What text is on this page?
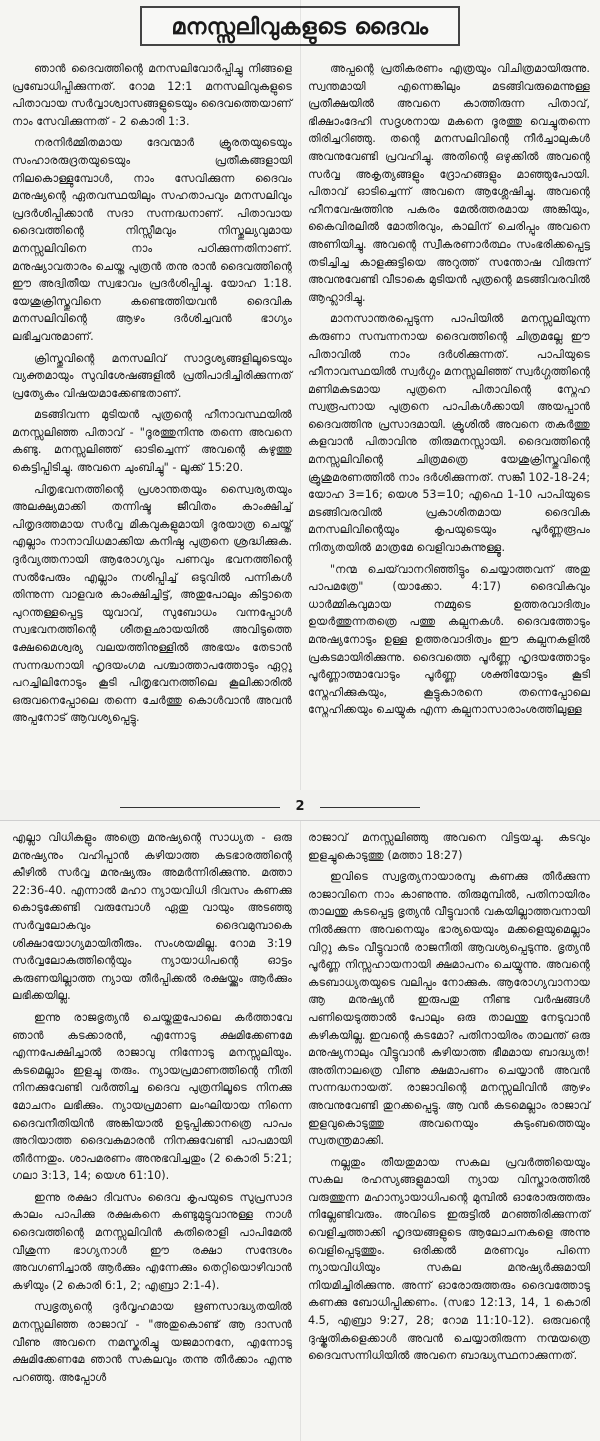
മനസ്സലിവുകളുടെ ദൈവം

ഞാൻ ദൈവത്തിന്റെ മനസലിവോർപ്പിച്ചു നിങ്ങളെ പ്രബോധിപ്പിക്കുന്നത്. റോമ 12:1 മനസലിവുകളുടെ പിതാവായ സർവ്വാശ്വാസങ്ങളുടെയും ദൈവത്തെയാണ് നാം സേവിക്കുന്നത് - 2 കൊരി 1:3.

നരനിർമ്മിതമായ ദേവന്മാർ ക്രൂരതയുടെയും സംഹാരരുദ്രതയുടെയും പ്രതീകങ്ങളായി നിലകൊള്ളുമ്പോൾ, നാം സേവിക്കുന്ന ദൈവം മനുഷ്യന്റെ ഏതവസ്ഥയിലും സഹതാപവും മനസലിവും പ്രദർശിപ്പിക്കാൻ സദാ സന്നദ്ധനാണ്. പിതാവായ ദൈവത്തിന്റെ നിസ്സീമവും നിസ്തുല്യവുമായ മനസ്സലിവിനെ നാം പഠിക്കുന്നതിനാണ്. മനുഷ്യാവതാരം ചെയ്ത പുത്രൻ തനു രാൻ ദൈവത്തിന്റെ ഈ അദ്വിതീയ സ്വഭാവം പ്രദർശിപ്പിച്ചു. യോഹ 1:18. യേശുക്രിസ്തുവിനെ കണ്ടെത്തിയവൻ ദൈവിക മനസലിവിന്റെ ആഴം ദർശിച്ചവൻ ഭാഗ്യം ലഭിച്ചവനുമാണ്.

ക്രിസ്തുവിന്റെ മനസലിവ് സാദൃശ്യങ്ങളിലൂടെയും വ്യക്തമായും സുവിശേഷങ്ങളിൽ പ്രതിപാദിച്ചിരിക്കുന്നത് പ്രത്യേകം വിഷയമാക്കേണ്ടതാണ്.

മടങ്ങിവന്ന മുടിയൻ പുത്രന്റെ ഹീനാവസ്ഥയിൽ മനസ്സലിഞ്ഞ പിതാവ് - "ദൂരത്തുനിന്നു തന്നെ അവനെ കണ്ടു. മനസ്സലിഞ്ഞ് ഓടിച്ചെന്ന് അവന്റെ കഴുത്തു കെട്ടിപ്പിടിച്ചു. അവനെ ചുംബിച്ചു" - ലൂക്ക് 15:20.

പിതൃഭവനത്തിന്റെ പ്രശാന്തതയും സ്വൈര്യതയും അലക്ഷ്യമാക്കി തന്നിഷ്ട ജീവിതം കാംക്ഷിച്ച് പിതൃദത്തമായ സർവ്വ മികവുകളുമായി ദൂരയാത്ര ചെയ്ത് എല്ലാം നാനാവിധമാക്കിയ കനിഷ്ഠ പുത്രനെ ശ്രദ്ധിക്കുക. ദുർവ്യത്തനായി ആരോഗ്യവും പണവും ഭവനത്തിന്റെ സൽപേരും എല്ലാം നശിപ്പിച്ച് ഒടുവിൽ പന്നികൾ തിന്നുന്ന വാളവര കാംക്ഷിച്ചിട്ട്, അതുപോലും കിട്ടാതെ പുറന്തള്ളപ്പെട്ട യുവാവ്, സുബോധം വന്നപ്പോൾ സ്വഭവനത്തിന്റെ ശീതളഛായയിൽ അവിടുത്തെ ക്ഷേമൈശ്വര്യ വലയത്തിനുള്ളിൽ അഭയം തേടാൻ സന്നദ്ധനായി ഹൃദയംഗമ പശ്ചാത്താപത്തോടും ഏറ്റു പറച്ചിലിനോടും കൂടി പിതൃഭവനത്തിലെ കൂലിക്കാരിൽ ഒരുവനെപ്പോലെ തന്നെ ചേർത്തു കൊൾവാൻ അവൻ അപ്പനോട് ആവശ്യപ്പെട്ടു.

അപ്പന്റെ പ്രതികരണം എത്രയും വിചിത്രമായിരുന്നു. സ്വന്തമായി എന്നെങ്കിലും മടങ്ങിവരുമെന്നുള്ള പ്രതീക്ഷയിൽ അവനെ കാത്തിരുന്ന പിതാവ്, ഭിക്ഷാംദേഹി സദൃശനായ മകനെ ദൂരത്തു വെച്ചുതന്നെ തിരിച്ചറിഞ്ഞു. തന്റെ മനസലിവിന്റെ നീർച്ചാലുകൾ അവനുവേണ്ടി പ്രവഹിച്ചു. അതിന്റെ ഒഴുക്കിൽ അവന്റെ സർവ്വ അകൃത്യങ്ങളും ദ്രോഹങ്ങളും മാഞ്ഞുപോയി. പിതാവ് ഓടിച്ചെന്ന് അവനെ ആശ്ലേഷിച്ചു. അവന്റെ ഹീനവേഷത്തിനു പകരം മേൽത്തരമായ അങ്കിയും, കൈവിരലിൽ മോതിരവും, കാലിന് ചെരിപ്പും അവനെ അണിയിച്ചു. അവന്റെ സ്വീകരണാർത്ഥം സംഭരിക്കപ്പെട്ട തടിച്ചിച്ച കാളക്കുട്ടിയെ അറുത്ത് സന്തോഷ വിരുന്ന് അവനുവേണ്ടി വീടാകെ മുടിയൻ പുത്രന്റെ മടങ്ങിവരവിൽ ആഹ്ലാദിച്ചു.

മാനസാന്തരപ്പെടുന്ന പാപിയിൽ മനസ്സലിയുന്ന കരുണാ സമ്പന്നനായ ദൈവത്തിന്റെ ചിത്രമല്ലേ ഈ പിതാവിൽ നാം ദർശിക്കുന്നത്. പാപിയുടെ ഹീനാവസ്ഥയിൽ സ്വർഗ്ഗം മനസ്സലിഞ്ഞ് സ്വർഗ്ഗത്തിന്റെ മണിമകുടമായ പുത്രനെ പിതാവിന്റെ സ്നേഹ സ്വരൂപനായ പുത്രനെ പാപികൾക്കായി അയപ്പാൻ ദൈവത്തിനു പ്രസാദമായി. ക്രൂശിൽ അവനെ തകർത്തു കളവാൻ പിതാവിനു തിരുമനസ്സായി. ദൈവത്തിന്റെ മനസ്സലിവിന്റെ ചിത്രമത്രെ യേശുക്രിസ്തുവിന്റെ ക്രൂശുമരണത്തിൽ നാം ദർശിക്കുന്നത്. സങ്കീ 102-18-24; യോഹ 3=16; യെശ 53=10; എഫെ 1-10 പാപിയുടെ മടങ്ങിവരവിൽ പ്രകാശിതമായ ദൈവിക മനസലിവിന്റെയും കൃപയുടെയും പൂർണ്ണരൂപം നിത്യതയിൽ മാത്രമേ വെളിവാകുന്നുള്ളൂ.

"നന്മ ചെയ്‌വാനറിഞ്ഞിട്ടും ചെയ്യാത്തവന് അതു പാപമത്രേ" (യാക്കോ. 4:17) ദൈവികവും ധാർമ്മികവുമായ നമ്മുടെ ഉത്തരവാദിത്വം ഉയർത്തുന്നതത്രെ പത്തു കല്പനകൾ. ദൈവത്തോടും മനുഷ്യനോടും ഉള്ള ഉത്തരവാദിത്വം ഈ കല്പനകളിൽ പ്രകടമായിരിക്കുന്നു. ദൈവത്തെ പൂർണ്ണ ഹൃദയത്തോടും പൂർണ്ണാത്മാവോടും പൂർണ്ണ ശക്തിയോടും കൂടി സ്നേഹിക്കുകയും, കൂട്ടുകാരനെ തന്നെപ്പോലെ സ്നേഹിക്കയും ചെയ്യുക എന്ന കല്പനാസാരാംശത്തിലുള്ള

2

എല്ലാ വിധികളും അത്രെ മനുഷ്യന്റെ സാധ്യത - ഒരു മനുഷ്യനും വഹിപ്പാൻ കഴിയാത്ത കടഭാരത്തിന്റെ കീഴിൽ സർവ്വ മനുഷ്യരും അമർന്നിരിക്കുന്നു. മത്താ 22:36-40. എന്നാൽ മഹാ ന്യായവിധി ദിവസം കണക്കു കൊടുക്കേണ്ടി വരുമ്പോൾ ഏതു വായും അടഞ്ഞു സർവ്വലോകവും ദൈവമുമ്പാകെ ശിക്ഷായോഗ്യമായിതീരും. സംശയമില്ല. റോമ 3:19 സർവ്വലോകത്തിന്റെയും ന്യായാധിപന്റെ ഓട്ടം കരുണയില്ലാത്ത ന്യായ തീർപ്പിക്കൽ രക്ഷയ്ക്കും ആർക്കും ലഭിക്കയില്ല.

ഇന്നു രാജഭൃത്യൻ ചെയ്തതുപോലെ കർത്താവേ ഞാൻ കടക്കാരൻ, എന്നോടു ക്ഷമിക്കേണമേ എന്നപേക്ഷിച്ചാൽ രാജാവു നിന്നോടു മനസ്സലിയും. കടമെല്ലാം ഇളച്ചു തരും. ന്യായപ്രമാണത്തിന്റെ നീതി നിനക്കുവേണ്ടി വർത്തിച്ച ദൈവ പുത്രനിലൂടെ നിനക്കു മോചനം ലഭിക്കും. ന്യായപ്രമാണ ലംഘിയായ നിന്നെ ദൈവനീതിയിൻ അങ്കിയാൽ ഉടുപ്പിക്കാനത്രെ പാപം അറിയാത്ത ദൈവകുമാരൻ നിനക്കുവേണ്ടി പാപമായി തീർന്നതും. ശാപമരണം അനുഭവിച്ചതും (2 കൊരി 5:21; ഗലാ 3:13, 14; യെശ 61:10).

ഇന്നു രക്ഷാ ദിവസം ദൈവ കൃപയുടെ സുപ്രസാദ കാലം പാപിക്കു രക്ഷകനെ കണ്ടുമുട്ടുവാനുള്ള നാൾ ദൈവത്തിന്റെ മനസ്സലിവിൻ കതിരൊളി പാപിമേൽ വീശുന്ന ഭാഗ്യനാൾ ഈ രക്ഷാ സന്ദേശം അവഗണിച്ചാൽ ആർക്കും എന്നേക്കും തെറ്റിയൊഴിവാൻ കഴിയും (2 കൊരി 6:1, 2; എബ്രാ 2:1-4).

സ്വഭൃത്യന്റെ ദുർവൃഹമായ ഋണസാദ്ധ്യതയിൽ മനസ്സലിഞ്ഞ രാജാവ് - "അതുകൊണ്ട് ആ ദാസൻ വീണു അവനെ നമസ്കരിച്ചു യജമാനനേ, എന്നോടു ക്ഷമിക്കേണമേ ഞാൻ സകലവും തന്നു തീർക്കാം എന്നു പറഞ്ഞു. അപ്പോൾ

രാജാവ് മനസ്സലിഞ്ഞു അവനെ വിട്ടയച്ചു. കടവും ഇളച്ചുകൊടുത്തു (മത്താ 18:27)

ഇവിടെ സ്വഭൃത്യനായാരമ്പു കണക്കു തീർക്കുന്ന രാജാവിനെ നാം കാണുന്നു. തിരുമുമ്പിൽ, പതിനായിരം താലന്തു കടപ്പെട്ട ഭൃത്യൻ വീട്ടുവാൻ വകയില്ലാത്തവനായി നിൽക്കുന്ന അവനെയും ഭാര്യയെയും മക്കളെയുമെല്ലാം വിറ്റു കടം വീട്ടുവാൻ രാജനീതി ആവശ്യപ്പെടുന്നു. ഭൃത്യൻ പൂർണ്ണ നിസ്സഹായനായി ക്ഷമാപനം ചെയ്യുന്നു. അവന്റെ കടബാധ്യതയുടെ വലിപ്പം നോക്കുക. ആരോഗ്യവാനായ ആ മനുഷ്യൻ ഇരുപതു നീണ്ട വർഷങ്ങൾ പണിയെടുത്താൽ പോലും ഒരു താലന്തു നേടുവാൻ കഴികയില്ല. ഇവന്റെ കടമോ? പതിനായിരം താലന്ത് ഒരു മനുഷ്യനാലും വീട്ടുവാൻ കഴിയാത്ത ഭീമമായ ബാദ്ധ്യത! അതിനാലത്രെ വീണു ക്ഷമാപണം ചെയ്യാൻ അവൻ സന്നദ്ധനായത്. രാജാവിന്റെ മനസ്സലിവിൻ ആഴം അവനുവേണ്ടി തുറക്കപ്പെട്ടു. ആ വൻ കടമെല്ലാം രാജാവ് ഇളവുകൊടുത്തു അവനെയും കുടുംബത്തെയും സ്വതന്ത്രമാക്കി.

നല്ലതും തീയതുമായ സകല പ്രവർത്തിയെയും സകല രഹസ്യങ്ങളുമായി ന്യായ വിസ്താരത്തിൽ വരുത്തുന്ന മഹാന്യായാധിപന്റെ മുമ്പിൽ ഓരോരുത്തരും നില്ലേണ്ടിവരും. അവിടെ ഇരുട്ടിൽ മറഞ്ഞിരിക്കുന്നത് വെളിച്ചത്താക്കി ഹൃദയങ്ങളുടെ ആലോചനകളെ അന്നു വെളിപ്പെടുത്തും. ഒരിക്കൽ മരണവും പിന്നെ ന്യായവിധിയും സകല മനുഷ്യർക്കുമായി നിയമിച്ചിരിക്കുന്നു. അന്ന് ഓരോരുത്തരും ദൈവത്തോടു കണക്കു ബോധിപ്പിക്കണം. (സഭാ 12:13, 14, 1 കൊരി 4.5, എബ്രാ 9:27, 28; റോമ 11:10-12). ഒരുവന്റെ ദുഷ്കൃതികളെക്കാൾ അവൻ ചെയ്യാതിരുന്ന നന്മയത്രെ ദൈവസന്നിധിയിൽ അവനെ ബാദ്ധ്യസ്ഥനാക്കുന്നത്.
